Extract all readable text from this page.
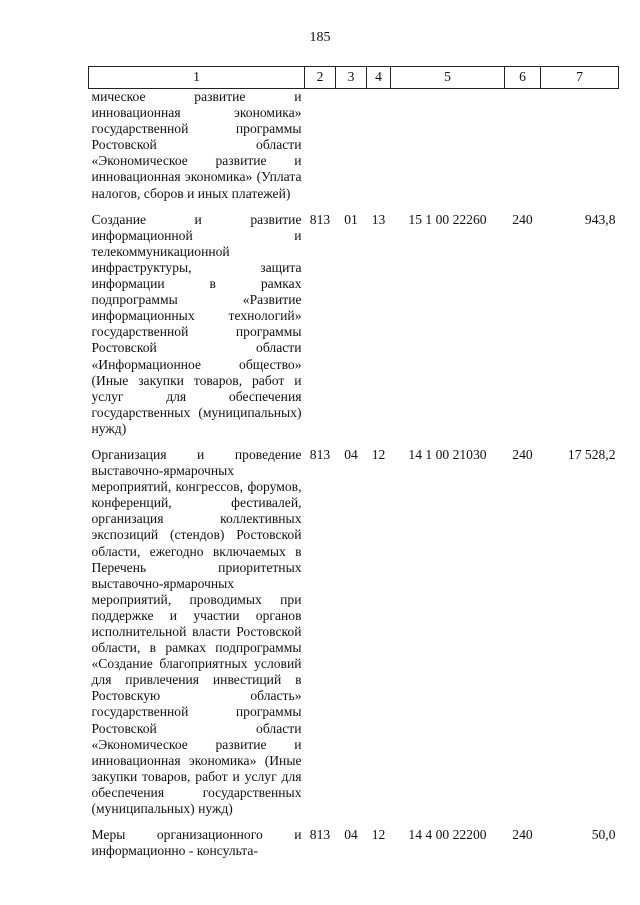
185
1	2	3	4	5	6	7
мическое развитие и инновационная экономика» государственной программы Ростовской области «Экономическое развитие и инновационная экономика» (Уплата налогов, сборов и иных платежей)						

Создание и развитие информационной и телекоммуникационной инфраструктуры, защита информации в рамках подпрограммы «Развитие информационных технологий» государственной программы Ростовской области «Информационное общество» (Иные закупки товаров, работ и услуг для обеспечения государственных (муниципальных) нужд)	813	01	13	15 1 00 22260	240	943,8

Организация и проведение выставочно-ярмарочных мероприятий, конгрессов, форумов, конференций, фестивалей, организация коллективных экспозиций (стендов) Ростовской области, ежегодно включаемых в Перечень приоритетных выставочно-ярмарочных мероприятий, проводимых при поддержке и участии органов исполнительной власти Ростовской области, в рамках подпрограммы «Создание благоприятных условий для привлечения инвестиций в Ростовскую область» государственной программы Ростовской области «Экономическое развитие и инновационная экономика» (Иные закупки товаров, работ и услуг для обеспечения государственных (муниципальных) нужд)	813	04	12	14 1 00 21030	240	17 528,2

Меры организационного и информационно - консульта-	813	04	12	14 4 00 22200	240	50,0
